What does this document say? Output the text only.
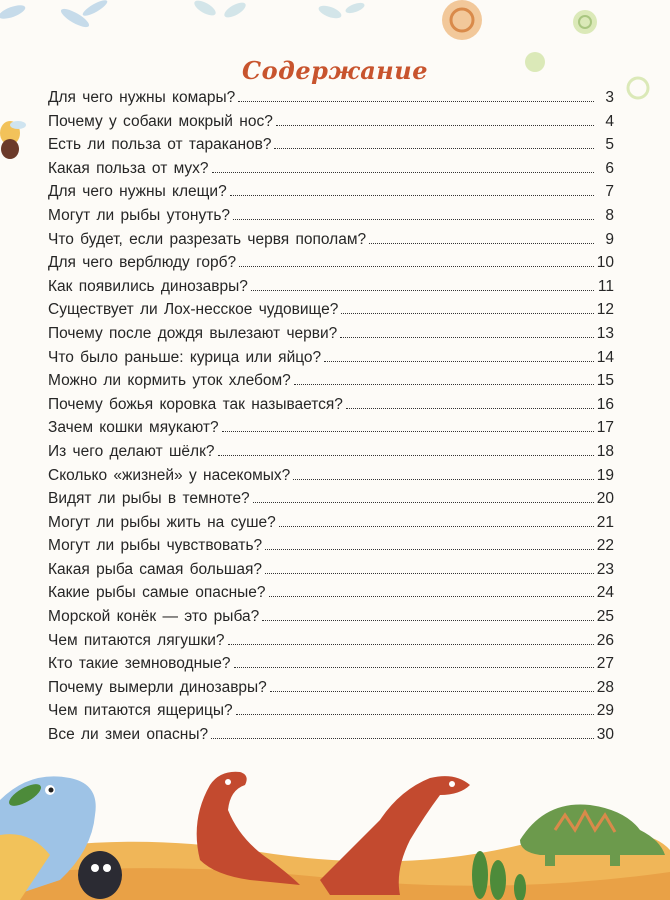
Содержание
Для чего нужны комары?	3
Почему у собаки мокрый нос?	4
Есть ли польза от тараканов?	5
Какая польза от мух?	6
Для чего нужны клещи?	7
Могут ли рыбы утонуть?	8
Что будет, если разрезать червя пополам?	9
Для чего верблюду горб?	10
Как появились динозавры?	11
Существует ли Лох-несское чудовище?	12
Почему после дождя вылезают черви?	13
Что было раньше: курица или яйцо?	14
Можно ли кормить уток хлебом?	15
Почему божья коровка так называется?	16
Зачем кошки мяукают?	17
Из чего делают шёлк?	18
Сколько «жизней» у насекомых?	19
Видят ли рыбы в темноте?	20
Могут ли рыбы жить на суше?	21
Могут ли рыбы чувствовать?	22
Какая рыба самая большая?	23
Какие рыбы самые опасные?	24
Морской конёк — это рыба?	25
Чем питаются лягушки?	26
Кто такие земноводные?	27
Почему вымерли динозавры?	28
Чем питаются ящерицы?	29
Все ли змеи опасны?	30
